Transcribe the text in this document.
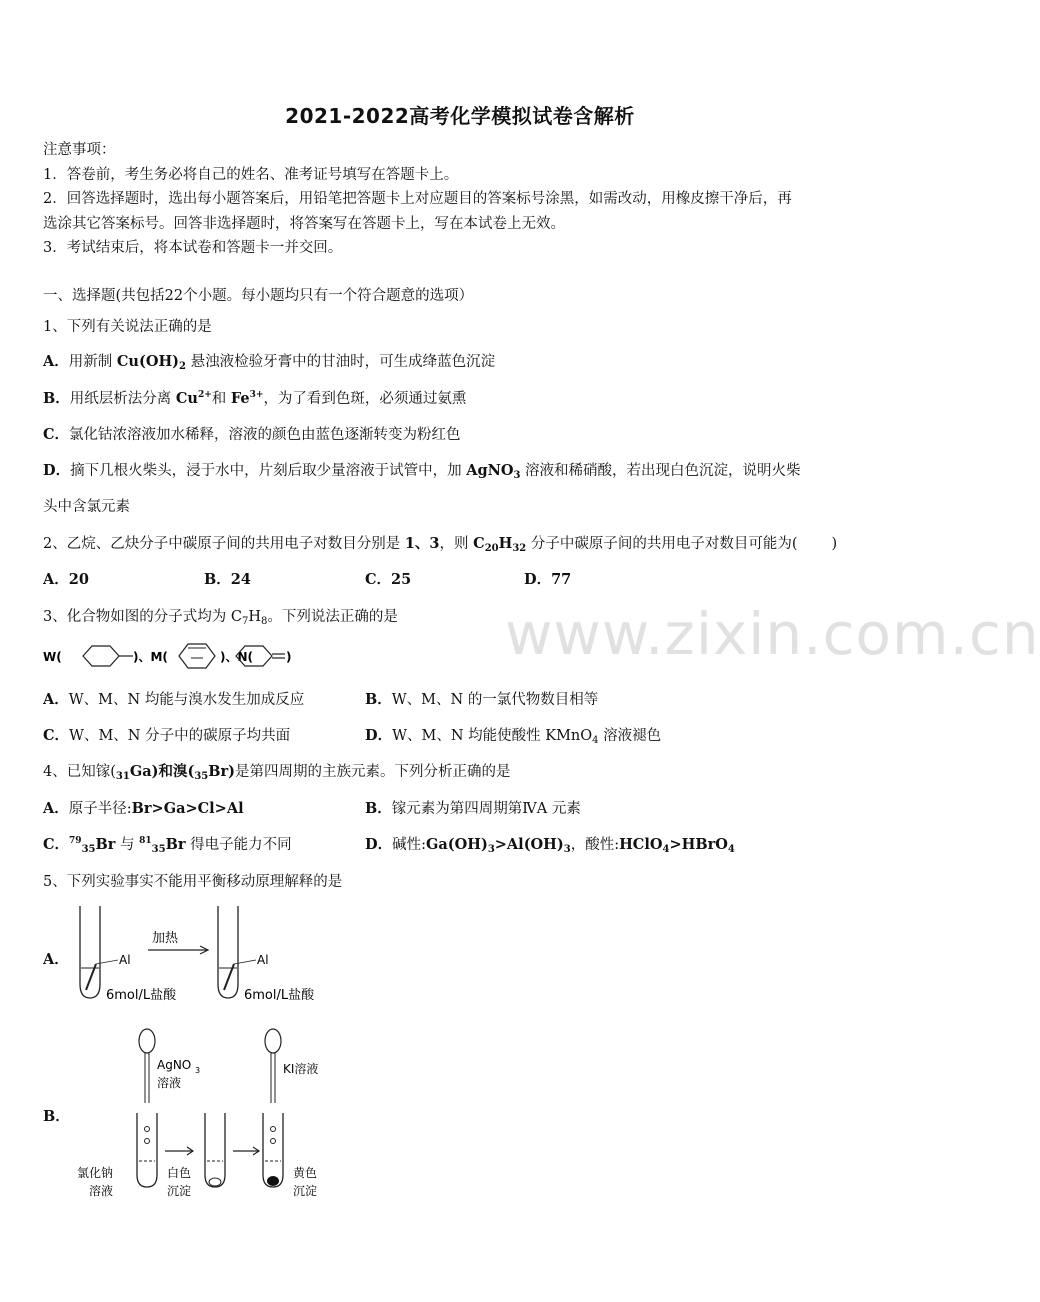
2021-2022高考化学模拟试卷含解析
www.zixin.com.cn
注意事项：
1．答卷前，考生务必将自己的姓名、准考证号填写在答题卡上。
2．回答选择题时，选出每小题答案后，用铅笔把答题卡上对应题目的答案标号涂黑，如需改动，用橡皮擦干净后，再
选涂其它答案标号。回答非选择题时，将答案写在答题卡上，写在本试卷上无效。
3．考试结束后，将本试卷和答题卡一并交回。
一、选择题(共包括22个小题。每小题均只有一个符合题意的选项）
1、下列有关说法正确的是
A．用新制 $Cu(OH)_2$ 悬浊液检验牙膏中的甘油时，可生成绛蓝色沉淀
B．用纸层析法分离 $Cu^{2+}$和 $Fe^{3+}$，为了看到色斑，必须通过氨熏
C．氯化钴浓溶液加水稀释，溶液的颜色由蓝色逐渐转变为粉红色
D．摘下几根火柴头，浸于水中，片刻后取少量溶液于试管中，加 AgNO$_3$ 溶液和稀硝酸，若出现白色沉淀，说明火柴
头中含氯元素
2、乙烷、乙炔分子中碳原子间的共用电子对数目分别是 1、3，则 $C_{20}H_{32}$ 分子中碳原子间的共用电子对数目可能为( )
A．20	B．24	C．25	D．77
3、化合物如图的分子式均为 $C_7H_8$。下列说法正确的是
W(	)、M(	)、N(	)
A．W、M、N 均能与溴水发生加成反应	B．W、M、N 的一氯代物数目相等
C．W、M、N 分子中的碳原子均共面	D．W、M、N 均能使酸性 KMnO$_4$ 溶液褪色
4、已知镓$(_{31}Ga)$和溴$(_{35}Br)$是第四周期的主族元素。下列分析正确的是
A．原子半径:Br>Ga>Cl>Al	B．镓元素为第四周期第ⅣA 元素
C．$^{79}_{35}$Br 与 $^{81}_{35}$Br 得电子能力不同	D．碱性$:Ga(OH)_3>Al(OH)_3$，酸性:HClO$_4$>HBrO$_4$
5、下列实验事实不能用平衡移动原理解释的是
A．	Al
6mol/L盐酸
加热
Al
6mol/L盐酸
B．
AgNO 3
溶液
KI溶液
氯化钠
溶液
白色
沉淀
黄色
沉淀
